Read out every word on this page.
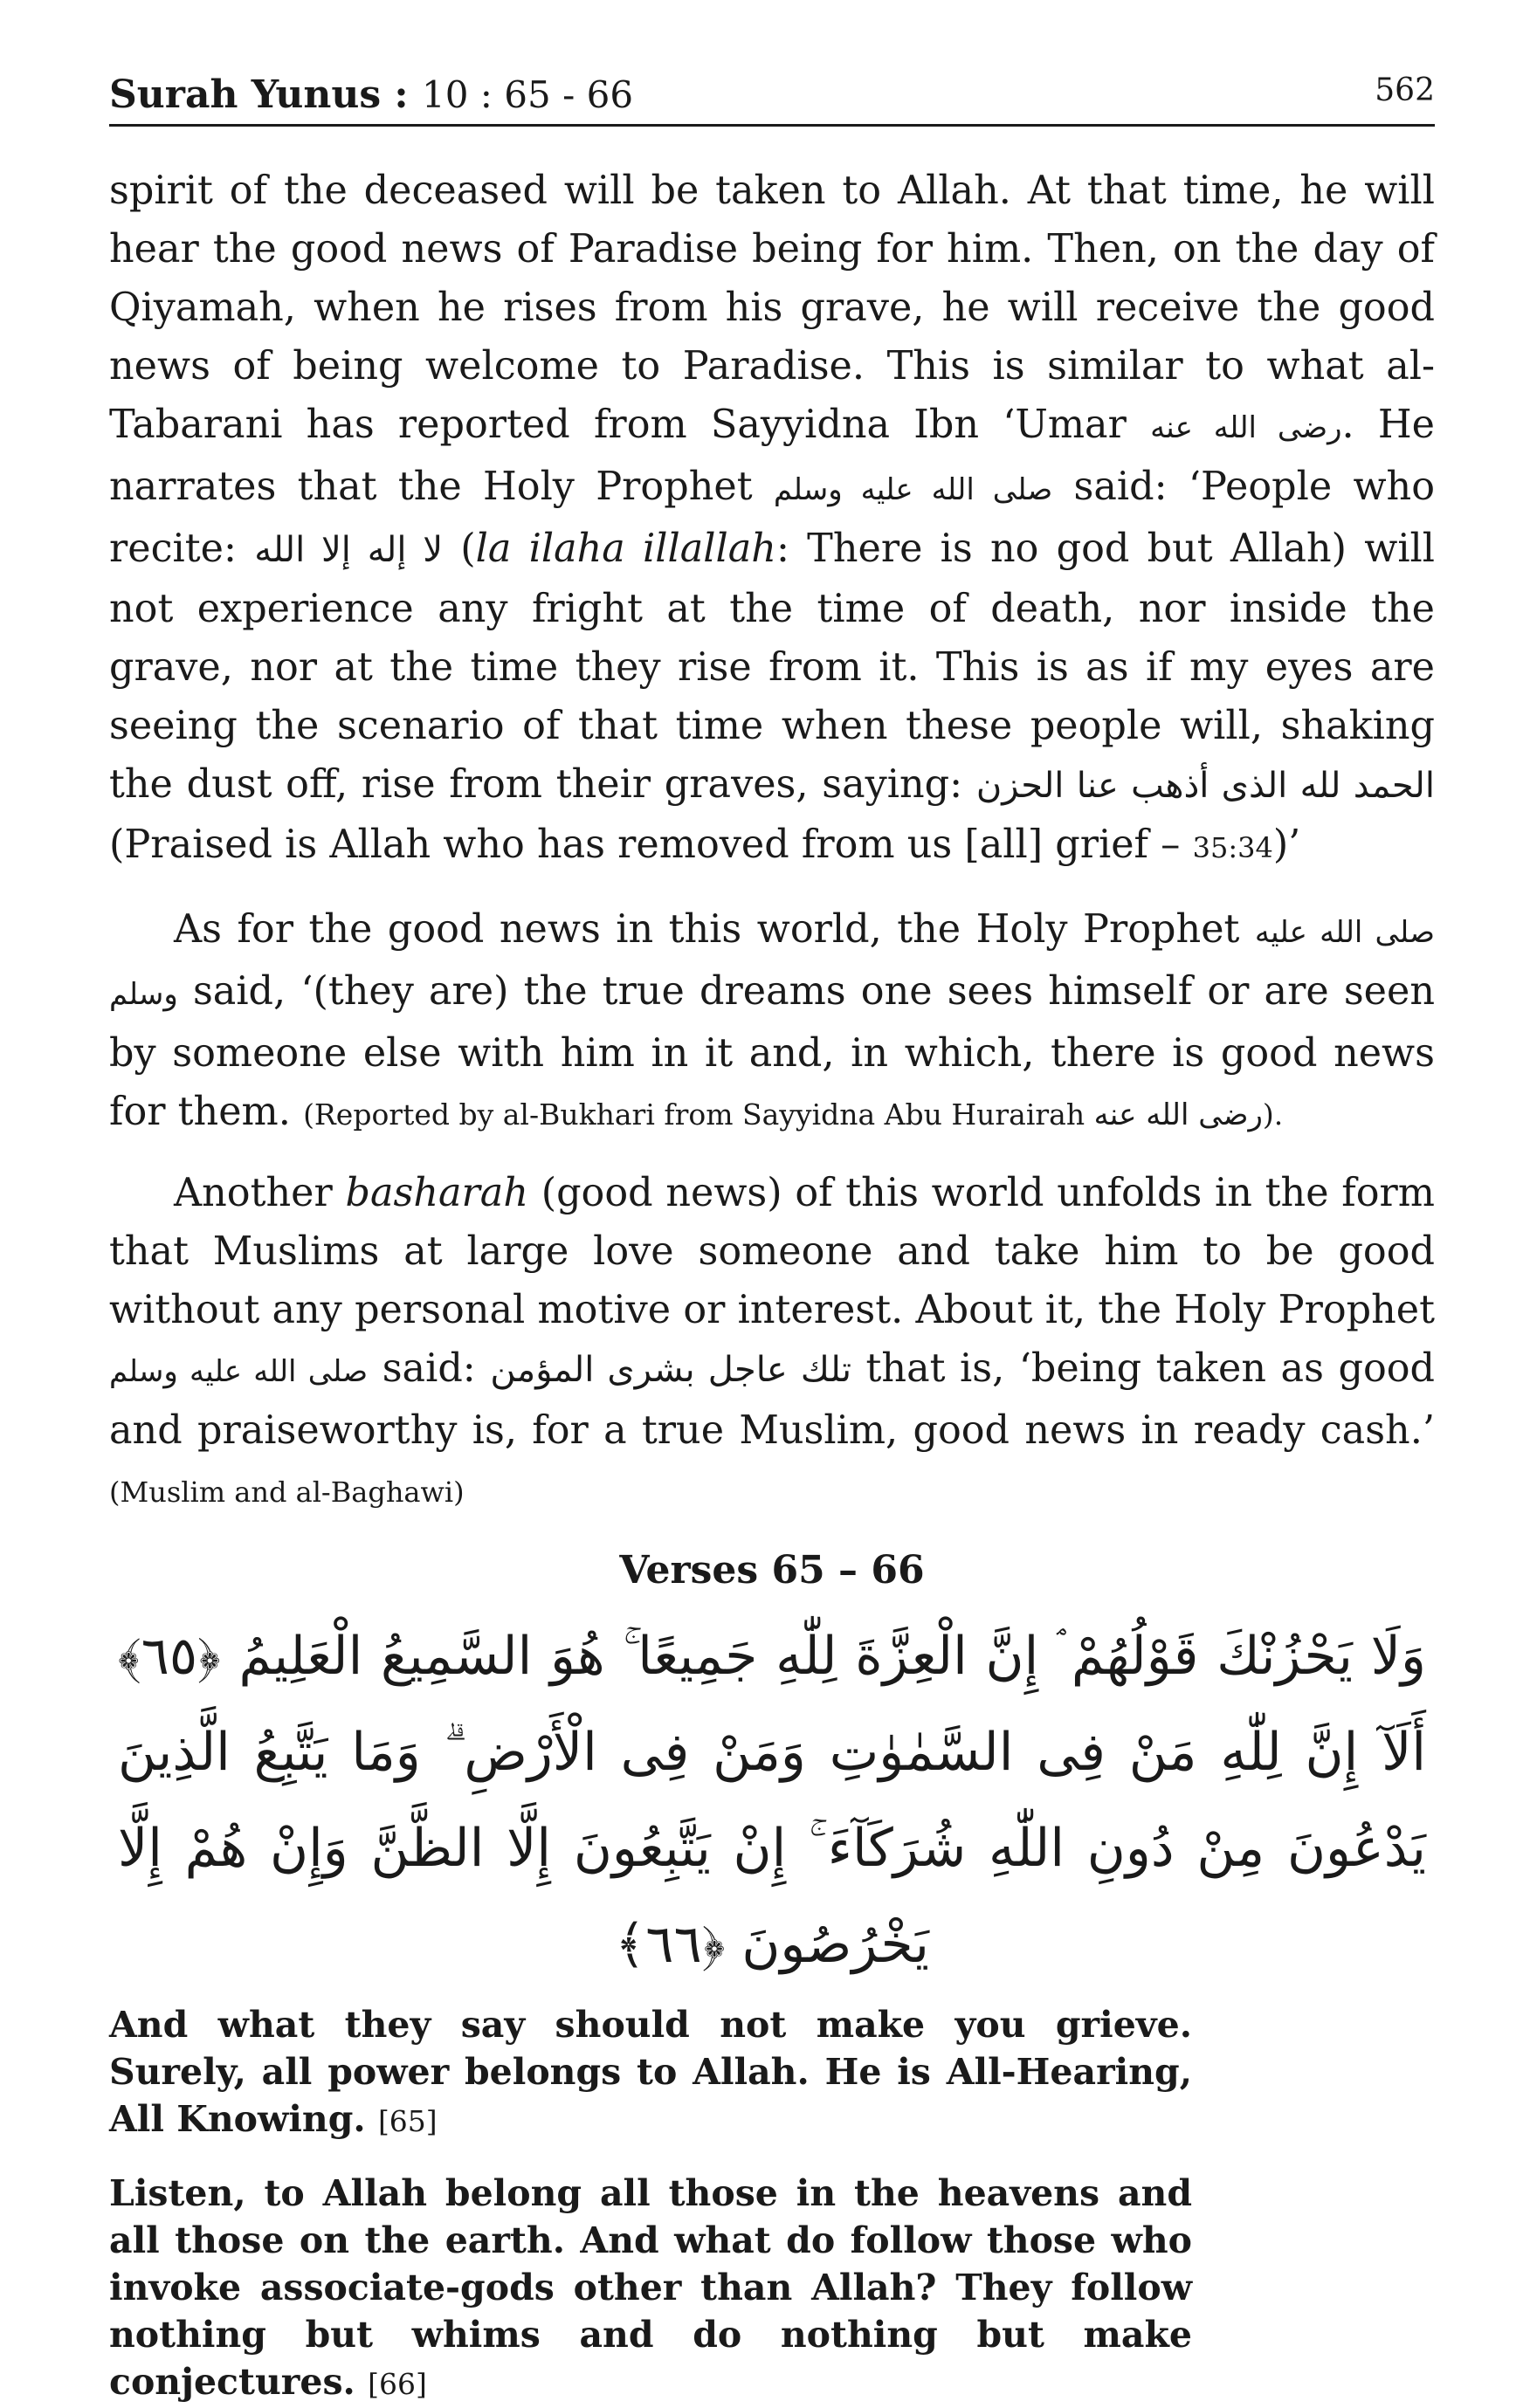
Surah Yunus : 10 : 65 - 66	562

spirit of the deceased will be taken to Allah. At that time, he will hear the good news of Paradise being for him. Then, on the day of Qiyamah, when he rises from his grave, he will receive the good news of being welcome to Paradise. This is similar to what al-Tabarani has reported from Sayyidna Ibn ‘Umar رضى الله عنه. He narrates that the Holy Prophet صلى الله عليه وسلم said: ‘People who recite: لا إله إلا الله (la ilaha illallah: There is no god but Allah) will not experience any fright at the time of death, nor inside the grave, nor at the time they rise from it. This is as if my eyes are seeing the scenario of that time when these people will, shaking the dust off, rise from their graves, saying: الحمد لله الذى أذهب عنا الحزن (Praised is Allah who has removed from us [all] grief – 35:34)’

As for the good news in this world, the Holy Prophet صلى الله عليه وسلم said, ‘(they are) the true dreams one sees himself or are seen by someone else with him in it and, in which, there is good news for them. (Reported by al-Bukhari from Sayyidna Abu Hurairah رضى الله عنه).

Another basharah (good news) of this world unfolds in the form that Muslims at large love someone and take him to be good without any personal motive or interest. About it, the Holy Prophet صلى الله عليه وسلم said: تلك عاجل بشرى المؤمن that is, ‘being taken as good and praiseworthy is, for a true Muslim, good news in ready cash.’ (Muslim and al-Baghawi)

Verses 65 – 66

وَلَا يَحْزُنْكَ قَوْلُهُمْ ۘ إِنَّ الْعِزَّةَ لِلّٰهِ جَمِيعًا ۚ هُوَ السَّمِيعُ الْعَلِيمُ ﴿٦٥﴾ أَلَآ إِنَّ لِلّٰهِ مَنْ فِى السَّمٰوٰتِ وَمَنْ فِى الْأَرْضِ ۗ وَمَا يَتَّبِعُ الَّذِينَ يَدْعُونَ مِنْ دُونِ اللّٰهِ شُرَكَآءَ ۚ إِنْ يَتَّبِعُونَ إِلَّا الظَّنَّ وَإِنْ هُمْ إِلَّا يَخْرُصُونَ ﴿٦٦﴾

And what they say should not make you grieve. Surely, all power belongs to Allah. He is All-Hearing, All Knowing. [65]

Listen, to Allah belong all those in the heavens and all those on the earth. And what do follow those who invoke associate-gods other than Allah? They follow nothing but whims and do nothing but make conjectures. [66]
